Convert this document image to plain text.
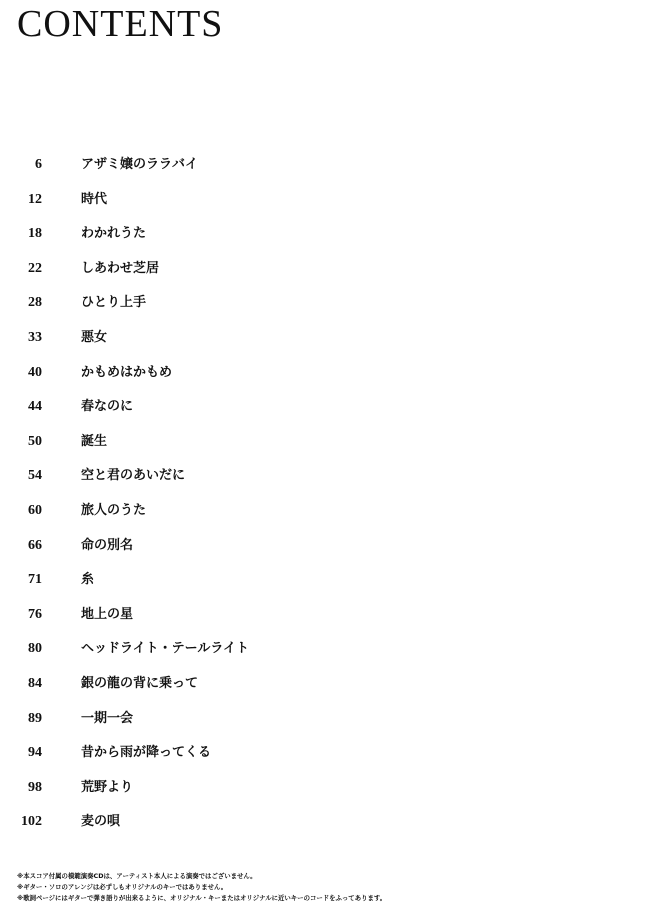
CONTENTS
6	アザミ嬢のララバイ
12	時代
18	わかれうた
22	しあわせ芝居
28	ひとり上手
33	悪女
40	かもめはかもめ
44	春なのに
50	誕生
54	空と君のあいだに
60	旅人のうた
66	命の別名
71	糸
76	地上の星
80	ヘッドライト・テールライト
84	銀の龍の背に乗って
89	一期一会
94	昔から雨が降ってくる
98	荒野より
102	麦の唄
※本スコア付属の模範演奏CDは、アーティスト本人による演奏ではございません。
※ギター・ソロのアレンジは必ずしもオリジナルのキーではありません。
※歌詞ページにはギターで弾き語りが出来るように、オリジナル・キーまたはオリジナルに近いキーのコードをふってあります。
